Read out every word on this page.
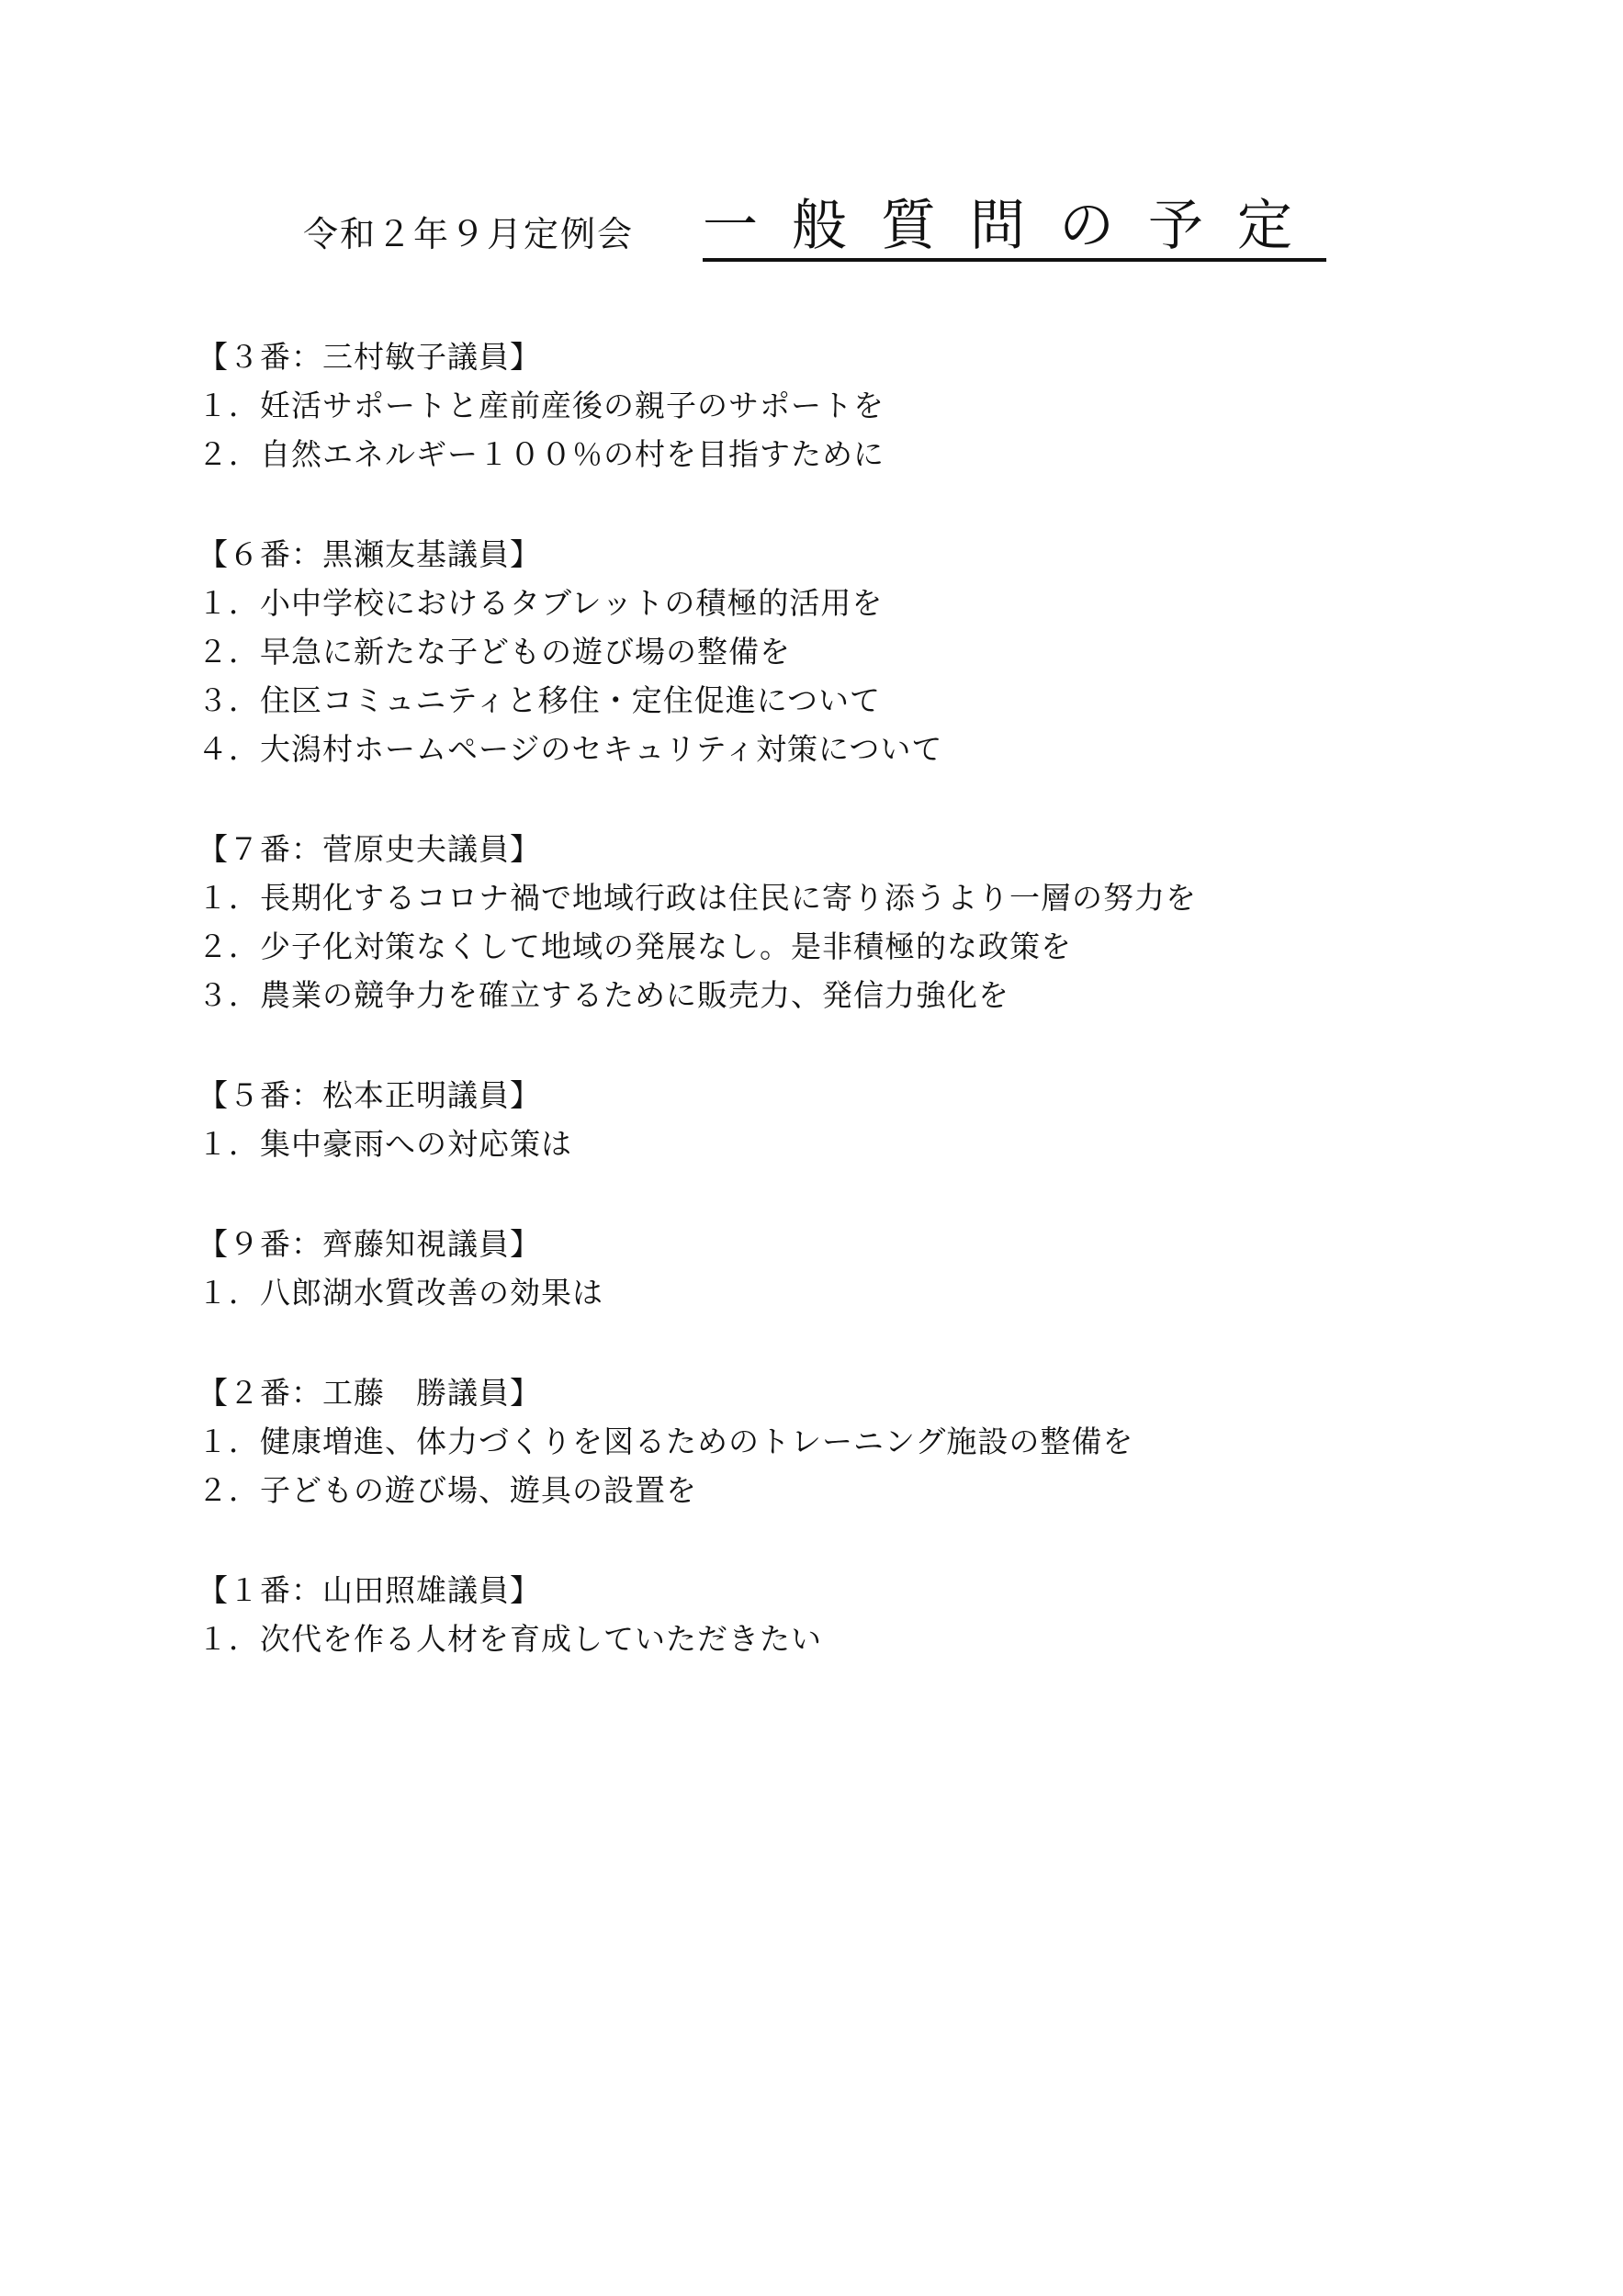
令和２年９月定例会 一般質問の予定
【３番：三村敏子議員】
１．妊活サポートと産前産後の親子のサポートを
２．自然エネルギー１００％の村を目指すために
【６番：黒瀬友基議員】
１．小中学校におけるタブレットの積極的活用を
２．早急に新たな子どもの遊び場の整備を
３．住区コミュニティと移住・定住促進について
４．大潟村ホームページのセキュリティ対策について
【７番：菅原史夫議員】
１．長期化するコロナ禍で地域行政は住民に寄り添うより一層の努力を
２．少子化対策なくして地域の発展なし。是非積極的な政策を
３．農業の競争力を確立するために販売力、発信力強化を
【５番：松本正明議員】
１．集中豪雨への対応策は
【９番：齊藤知視議員】
１．八郎湖水質改善の効果は
【２番：工藤　勝議員】
１．健康増進、体力づくりを図るためのトレーニング施設の整備を
２．子どもの遊び場、遊具の設置を
【１番：山田照雄議員】
１．次代を作る人材を育成していただきたい
